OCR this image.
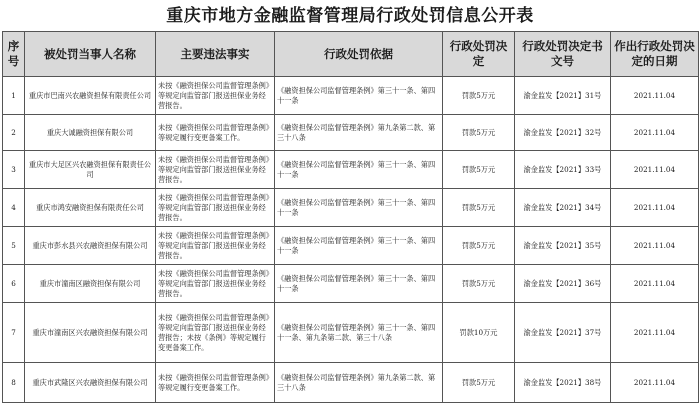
重庆市地方金融监督管理局行政处罚信息公开表
序号	被处罚当事人名称	主要违法事实	行政处罚依据	行政处罚决定	行政处罚决定书文号	作出行政处罚决定的日期
1	重庆市巴南兴农融资担保有限责任公司	未按《融资担保公司监督管理条例》等规定向监管部门报送担保业务经营报告。	《融资担保公司监督管理条例》第三十一条、第四十一条	罚款5万元	渝金监发【2021】31号	2021.11.04
2	重庆大诚融资担保有限公司	未按《融资担保公司监督管理条例》等规定履行变更备案工作。	《融资担保公司监督管理条例》第九条第二款、第三十八条	罚款5万元	渝金监发【2021】32号	2021.11.04
3	重庆市大足区兴农融资担保有限责任公司	未按《融资担保公司监督管理条例》等规定向监管部门报送担保业务经营报告。	《融资担保公司监督管理条例》第三十一条、第四十一条	罚款5万元	渝金监发【2021】33号	2021.11.04
4	重庆市鸿安融资担保有限责任公司	未按《融资担保公司监督管理条例》等规定向监管部门报送担保业务经营报告。	《融资担保公司监督管理条例》第三十一条、第四十一条	罚款5万元	渝金监发【2021】34号	2021.11.04
5	重庆市彭水县兴农融资担保有限公司	未按《融资担保公司监督管理条例》等规定向监管部门报送担保业务经营报告。	《融资担保公司监督管理条例》第三十一条、第四十一条	罚款5万元	渝金监发【2021】35号	2021.11.04
6	重庆市潼南区融资担保有限公司	未按《融资担保公司监督管理条例》等规定向监管部门报送担保业务经营报告。	《融资担保公司监督管理条例》第三十一条、第四十一条	罚款5万元	渝金监发【2021】36号	2021.11.04
7	重庆市潼南区兴农融资担保有限公司	未按《融资担保公司监督管理条例》等规定向监管部门报送担保业务经营报告；未按《条例》等规定履行变更备案工作。	《融资担保公司监督管理条例》第三十一条、第四十一条、第九条第二款、第三十八条	罚款10万元	渝金监发【2021】37号	2021.11.04
8	重庆市武隆区兴农融资担保有限公司	未按《融资担保公司监督管理条例》等规定履行变更备案工作。	《融资担保公司监督管理条例》第九条第二款、第三十八条	罚款5万元	渝金监发【2021】38号	2021.11.04
